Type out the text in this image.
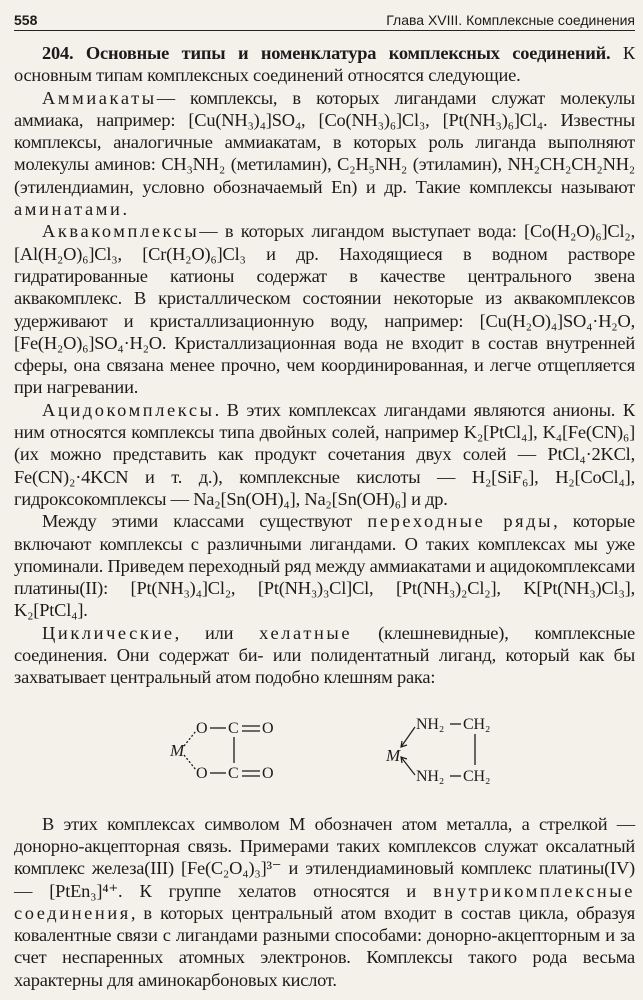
558	Глава XVIII. Комплексные соединения

204. Основные типы и номенклатура комплексных соединений. К основным типам комплексных соединений относятся следующие.

Аммиакаты— комплексы, в которых лигандами служат молекулы аммиака, например: [Cu(NH₃)₄]SO₄, [Co(NH₃)₆]Cl₃, [Pt(NH₃)₆]Cl₄. Известны комплексы, аналогичные аммиакатам, в которых роль лиганда выполняют молекулы аминов: CH₃NH₂ (метиламин), C₂H₅NH₂ (этиламин), NH₂CH₂CH₂NH₂ (этилендиамин, условно обозначаемый En) и др. Такие комплексы называют аминатами.

Аквакомплексы— в которых лигандом выступает вода: [Co(H₂O)₆]Cl₂, [Al(H₂O)₆]Cl₃, [Cr(H₂O)₆]Cl₃ и др. Находящиеся в водном растворе гидратированные катионы содержат в качестве центрального звена аквакомплекс. В кристаллическом состоянии некоторые из аквакомплексов удерживают и кристаллизационную воду, например: [Cu(H₂O)₄]SO₄·H₂O, [Fe(H₂O)₆]SO₄·H₂O. Кристаллизационная вода не входит в состав внутренней сферы, она связана менее прочно, чем координированная, и легче отщепляется при нагревании.

Ацидокомплексы. В этих комплексах лигандами являются анионы. К ним относятся комплексы типа двойных солей, например K₂[PtCl₄], K₄[Fe(CN)₆] (их можно представить как продукт сочетания двух солей — PtCl₄·2KCl, Fe(CN)₂·4KCN и т. д.), комплексные кислоты — H₂[SiF₆], H₂[CoCl₄], гидроксокомплексы — Na₂[Sn(OH)₄], Na₂[Sn(OH)₆] и др.

Между этими классами существуют переходные ряды, которые включают комплексы с различными лигандами. О таких комплексах мы уже упоминали. Приведем переходный ряд между аммиакатами и ацидокомплексами платины(II): [Pt(NH₃)₄]Cl₂, [Pt(NH₃)₃Cl]Cl, [Pt(NH₃)₂Cl₂], K[Pt(NH₃)Cl₃], K₂[PtCl₄].

Циклические, или хелатные (клешневидные), комплексные соединения. Они содержат би- или полидентатный лиганд, который как бы захватывает центральный атом подобно клешням рака:

M
O C O
O C O
M
NH₂ CH₂
NH₂ CH₂

В этих комплексах символом М обозначен атом металла, а стрелкой — донорно-акцепторная связь. Примерами таких комплексов служат оксалатный комплекс железа(III) [Fe(C₂O₄)₃]³⁻ и этилендиаминовый комплекс платины(IV) — [PtEn₃]⁴⁺. К группе хелатов относятся и внутрикомплексные соединения, в которых центральный атом входит в состав цикла, образуя ковалентные связи с лигандами разными способами: донорно-акцепторным и за счет неспаренных атомных электронов. Комплексы такого рода весьма характерны для аминокарбоновых кислот.
